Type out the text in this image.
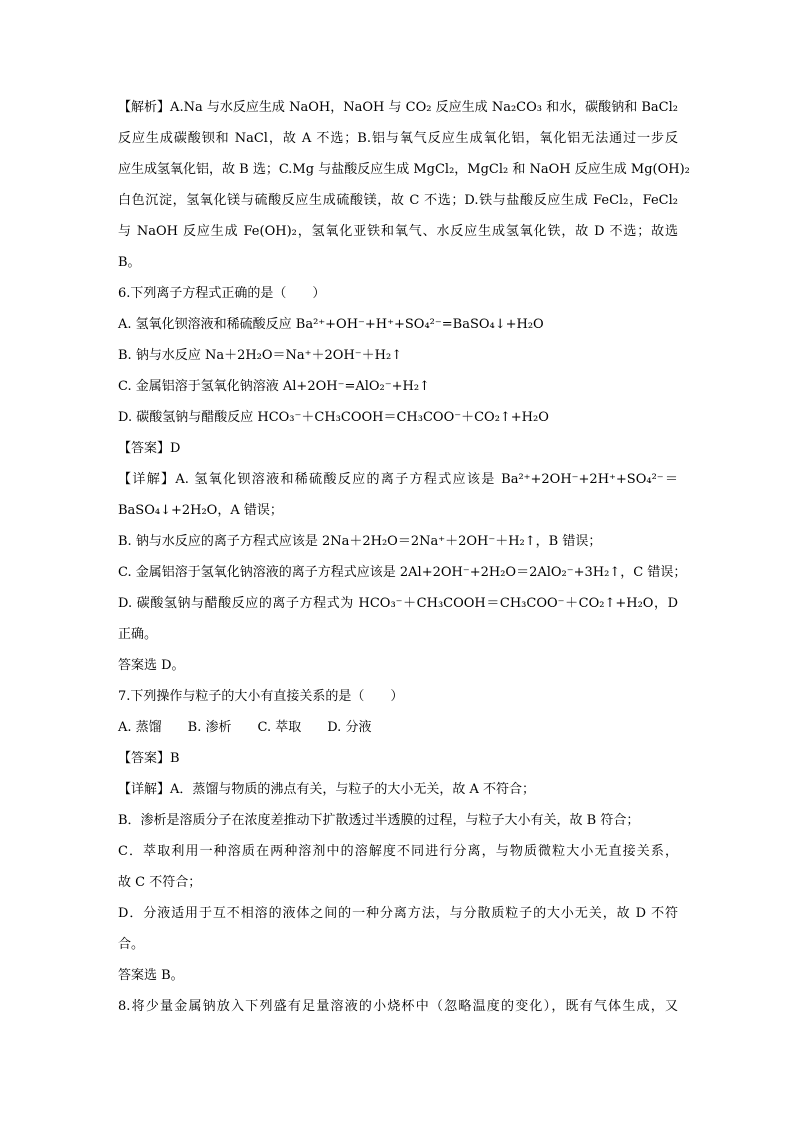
【解析】A.Na 与水反应生成 NaOH，NaOH 与 CO₂ 反应生成 Na₂CO₃ 和水，碳酸钠和 BaCl₂
反应生成碳酸钡和 NaCl，故 A 不选；B.铝与氧气反应生成氧化铝，氧化铝无法通过一步反
应生成氢氧化铝，故 B 选；C.Mg 与盐酸反应生成 MgCl₂，MgCl₂ 和 NaOH 反应生成 Mg(OH)₂
白色沉淀，氢氧化镁与硫酸反应生成硫酸镁，故 C 不选；D.铁与盐酸反应生成 FeCl₂，FeCl₂
与 NaOH 反应生成 Fe(OH)₂，氢氧化亚铁和氧气、水反应生成氢氧化铁，故 D 不选；故选
B。
6.下列离子方程式正确的是（　　）
A. 氢氧化钡溶液和稀硫酸反应 Ba²⁺+OH⁻+H⁺+SO₄²⁻=BaSO₄↓+H₂O
B. 钠与水反应 Na＋2H₂O＝Na⁺＋2OH⁻＋H₂↑
C. 金属铝溶于氢氧化钠溶液 Al+2OH⁻=AlO₂⁻+H₂↑
D. 碳酸氢钠与醋酸反应 HCO₃⁻＋CH₃COOH＝CH₃COO⁻＋CO₂↑+H₂O
【答案】D
【详解】A. 氢氧化钡溶液和稀硫酸反应的离子方程式应该是 Ba²⁺+2OH⁻+2H⁺+SO₄²⁻＝
BaSO₄↓+2H₂O，A 错误；
B. 钠与水反应的离子方程式应该是 2Na＋2H₂O＝2Na⁺＋2OH⁻＋H₂↑，B 错误；
C. 金属铝溶于氢氧化钠溶液的离子方程式应该是 2Al+2OH⁻+2H₂O＝2AlO₂⁻+3H₂↑，C 错误；
D. 碳酸氢钠与醋酸反应的离子方程式为 HCO₃⁻＋CH₃COOH＝CH₃COO⁻＋CO₂↑+H₂O，D
正确。
答案选 D。
7.下列操作与粒子的大小有直接关系的是（　　）
A. 蒸馏　　B. 渗析　　C. 萃取　　D. 分液
【答案】B
【详解】A．蒸馏与物质的沸点有关，与粒子的大小无关，故 A 不符合；
B．渗析是溶质分子在浓度差推动下扩散透过半透膜的过程，与粒子大小有关，故 B 符合；
C．萃取利用一种溶质在两种溶剂中的溶解度不同进行分离，与物质微粒大小无直接关系，
故 C 不符合；
D．分液适用于互不相溶的液体之间的一种分离方法，与分散质粒子的大小无关，故 D 不符
合。
答案选 B。
8.将少量金属钠放入下列盛有足量溶液的小烧杯中（忽略温度的变化），既有气体生成，又
